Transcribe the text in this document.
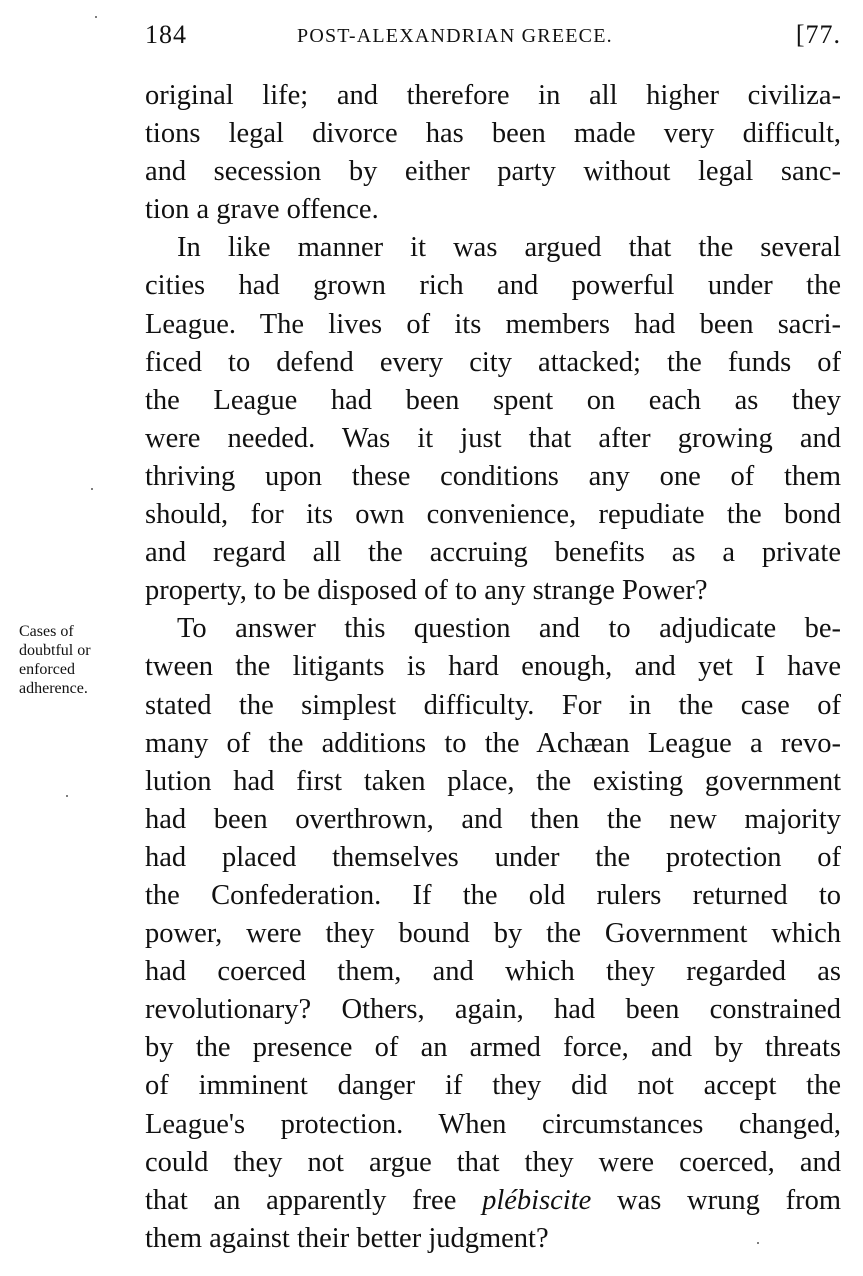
184	POST-ALEXANDRIAN GREECE.	[77.
Cases of
doubtful or
enforced
adherence.
original life; and therefore in all higher civiliza-
tions legal divorce has been made very difficult,
and secession by either party without legal sanc-
tion a grave offence.
In like manner it was argued that the several
cities had grown rich and powerful under the
League. The lives of its members had been sacri-
ficed to defend every city attacked; the funds of
the League had been spent on each as they
were needed. Was it just that after growing and
thriving upon these conditions any one of them
should, for its own convenience, repudiate the bond
and regard all the accruing benefits as a private
property, to be disposed of to any strange Power?
To answer this question and to adjudicate be-
tween the litigants is hard enough, and yet I have
stated the simplest difficulty. For in the case of
many of the additions to the Achæan League a revo-
lution had first taken place, the existing government
had been overthrown, and then the new majority
had placed themselves under the protection of
the Confederation. If the old rulers returned to
power, were they bound by the Government which
had coerced them, and which they regarded as
revolutionary? Others, again, had been constrained
by the presence of an armed force, and by threats
of imminent danger if they did not accept the
League's protection. When circumstances changed,
could they not argue that they were coerced, and
that an apparently free plébiscite was wrung from
them against their better judgment?
